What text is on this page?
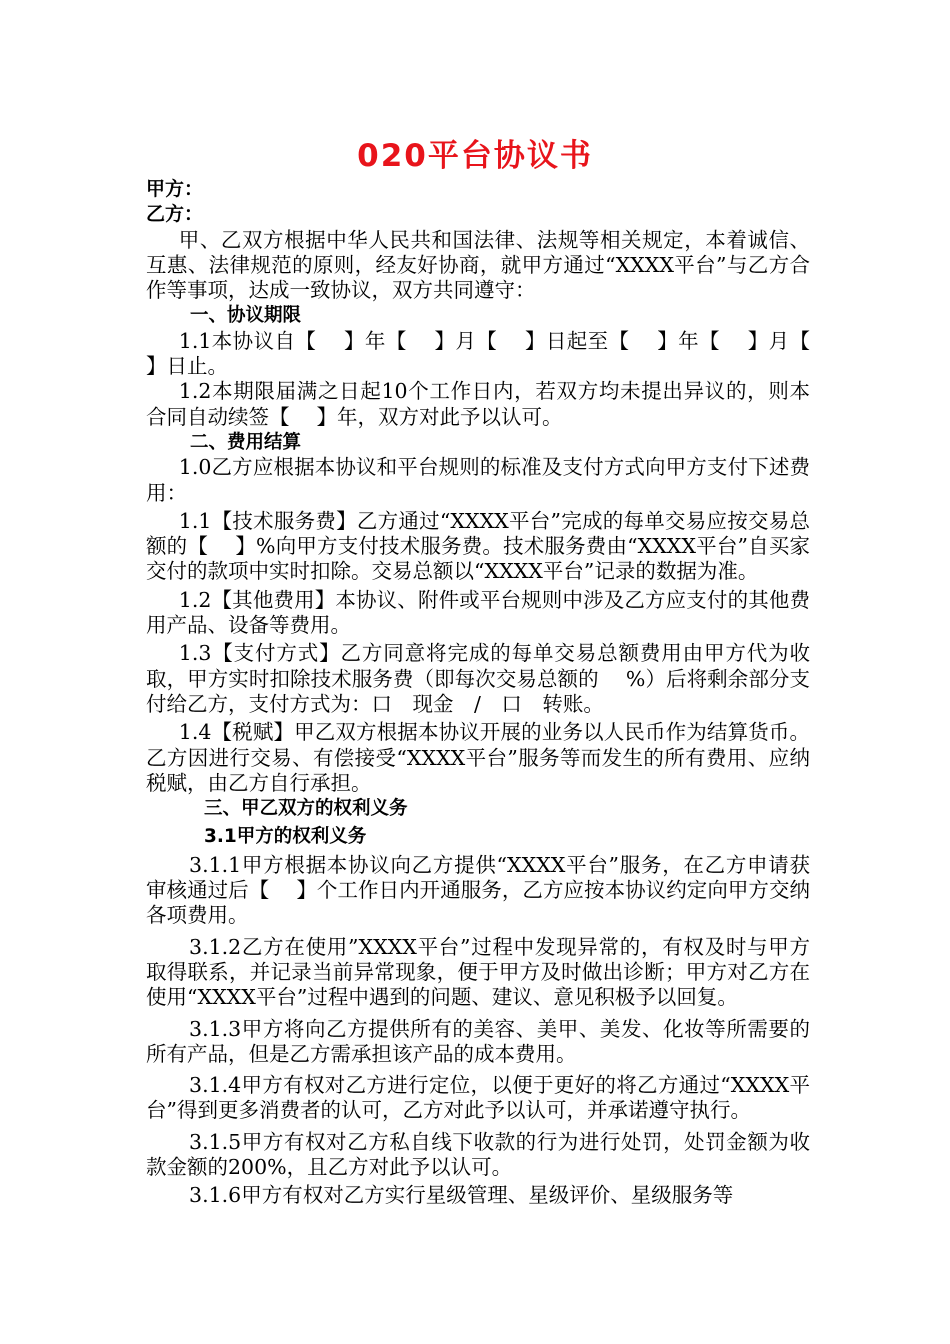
020平台协议书

甲方：

乙方：

甲、乙双方根据中华人民共和国法律、法规等相关规定，本着诚信、互惠、法律规范的原则，经友好协商，就甲方通过“XXXX平台”与乙方合作等事项，达成一致协议，双方共同遵守：

一、协议期限

1.1本协议自【　 】年【　 】月【　 】日起至【　 】年【　 】月【　 】日止。

1.2本期限届满之日起10个工作日内，若双方均未提出异议的，则本合同自动续签【　 】年，双方对此予以认可。

二、费用结算

1.0乙方应根据本协议和平台规则的标准及支付方式向甲方支付下述费用：

1.1【技术服务费】乙方通过“XXXX平台”完成的每单交易应按交易总额的【　 】%向甲方支付技术服务费。技术服务费由“XXXX平台”自买家交付的款项中实时扣除。交易总额以“XXXX平台”记录的数据为准。

1.2【其他费用】本协议、附件或平台规则中涉及乙方应支付的其他费用产品、设备等费用。

1.3【支付方式】乙方同意将完成的每单交易总额费用由甲方代为收取，甲方实时扣除技术服务费（即每次交易总额的　 %）后将剩余部分支付给乙方，支付方式为：口　现金　/　口　转账。

1.4【税赋】甲乙双方根据本协议开展的业务以人民币作为结算货币。乙方因进行交易、有偿接受“XXXX平台”服务等而发生的所有费用、应纳税赋，由乙方自行承担。

三、甲乙双方的权利义务

3.1甲方的权利义务

3.1.1甲方根据本协议向乙方提供“XXXX平台”服务，在乙方申请获审核通过后【　 】个工作日内开通服务，乙方应按本协议约定向甲方交纳各项费用。

3.1.2乙方在使用”XXXX平台”过程中发现异常的，有权及时与甲方取得联系，并记录当前异常现象，便于甲方及时做出诊断；甲方对乙方在使用“XXXX平台”过程中遇到的问题、建议、意见积极予以回复。

3.1.3甲方将向乙方提供所有的美容、美甲、美发、化妆等所需要的所有产品，但是乙方需承担该产品的成本费用。

3.1.4甲方有权对乙方进行定位，以便于更好的将乙方通过“XXXX平台”得到更多消费者的认可，乙方对此予以认可，并承诺遵守执行。

3.1.5甲方有权对乙方私自线下收款的行为进行处罚，处罚金额为收款金额的200%，且乙方对此予以认可。

3.1.6甲方有权对乙方实行星级管理、星级评价、星级服务等
